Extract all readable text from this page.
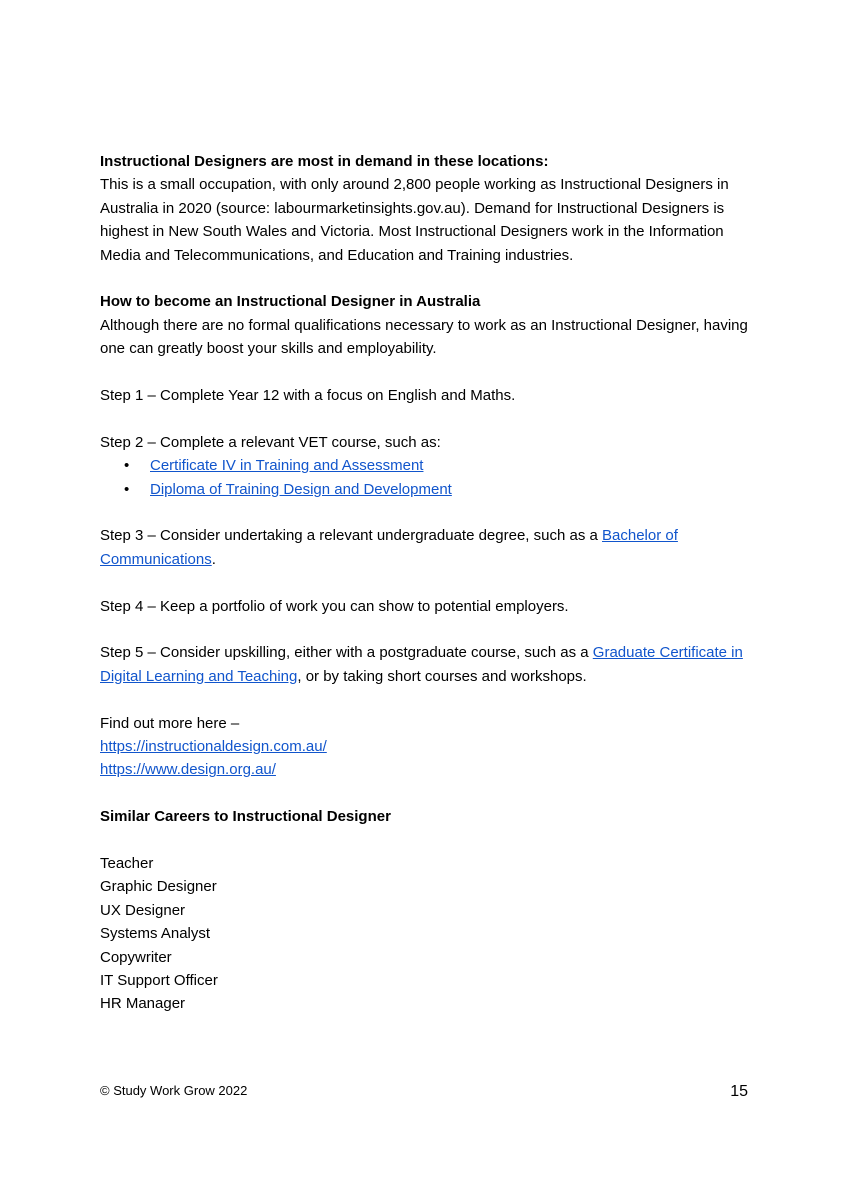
Instructional Designers are most in demand in these locations:

This is a small occupation, with only around 2,800 people working as Instructional Designers in Australia in 2020 (source: labourmarketinsights.gov.au). Demand for Instructional Designers is highest in New South Wales and Victoria. Most Instructional Designers work in the Information Media and Telecommunications, and Education and Training industries.

How to become an Instructional Designer in Australia

Although there are no formal qualifications necessary to work as an Instructional Designer, having one can greatly boost your skills and employability.

Step 1 – Complete Year 12 with a focus on English and Maths.

Step 2 – Complete a relevant VET course, such as:

• Certificate IV in Training and Assessment
• Diploma of Training Design and Development

Step 3 – Consider undertaking a relevant undergraduate degree, such as a Bachelor of Communications.

Step 4 – Keep a portfolio of work you can show to potential employers.

Step 5 – Consider upskilling, either with a postgraduate course, such as a Graduate Certificate in Digital Learning and Teaching, or by taking short courses and workshops.

Find out more here –

https://instructionaldesign.com.au/

https://www.design.org.au/

Similar Careers to Instructional Designer

Teacher

Graphic Designer

UX Designer

Systems Analyst

Copywriter

IT Support Officer

HR Manager

© Study Work Grow 2022	15
